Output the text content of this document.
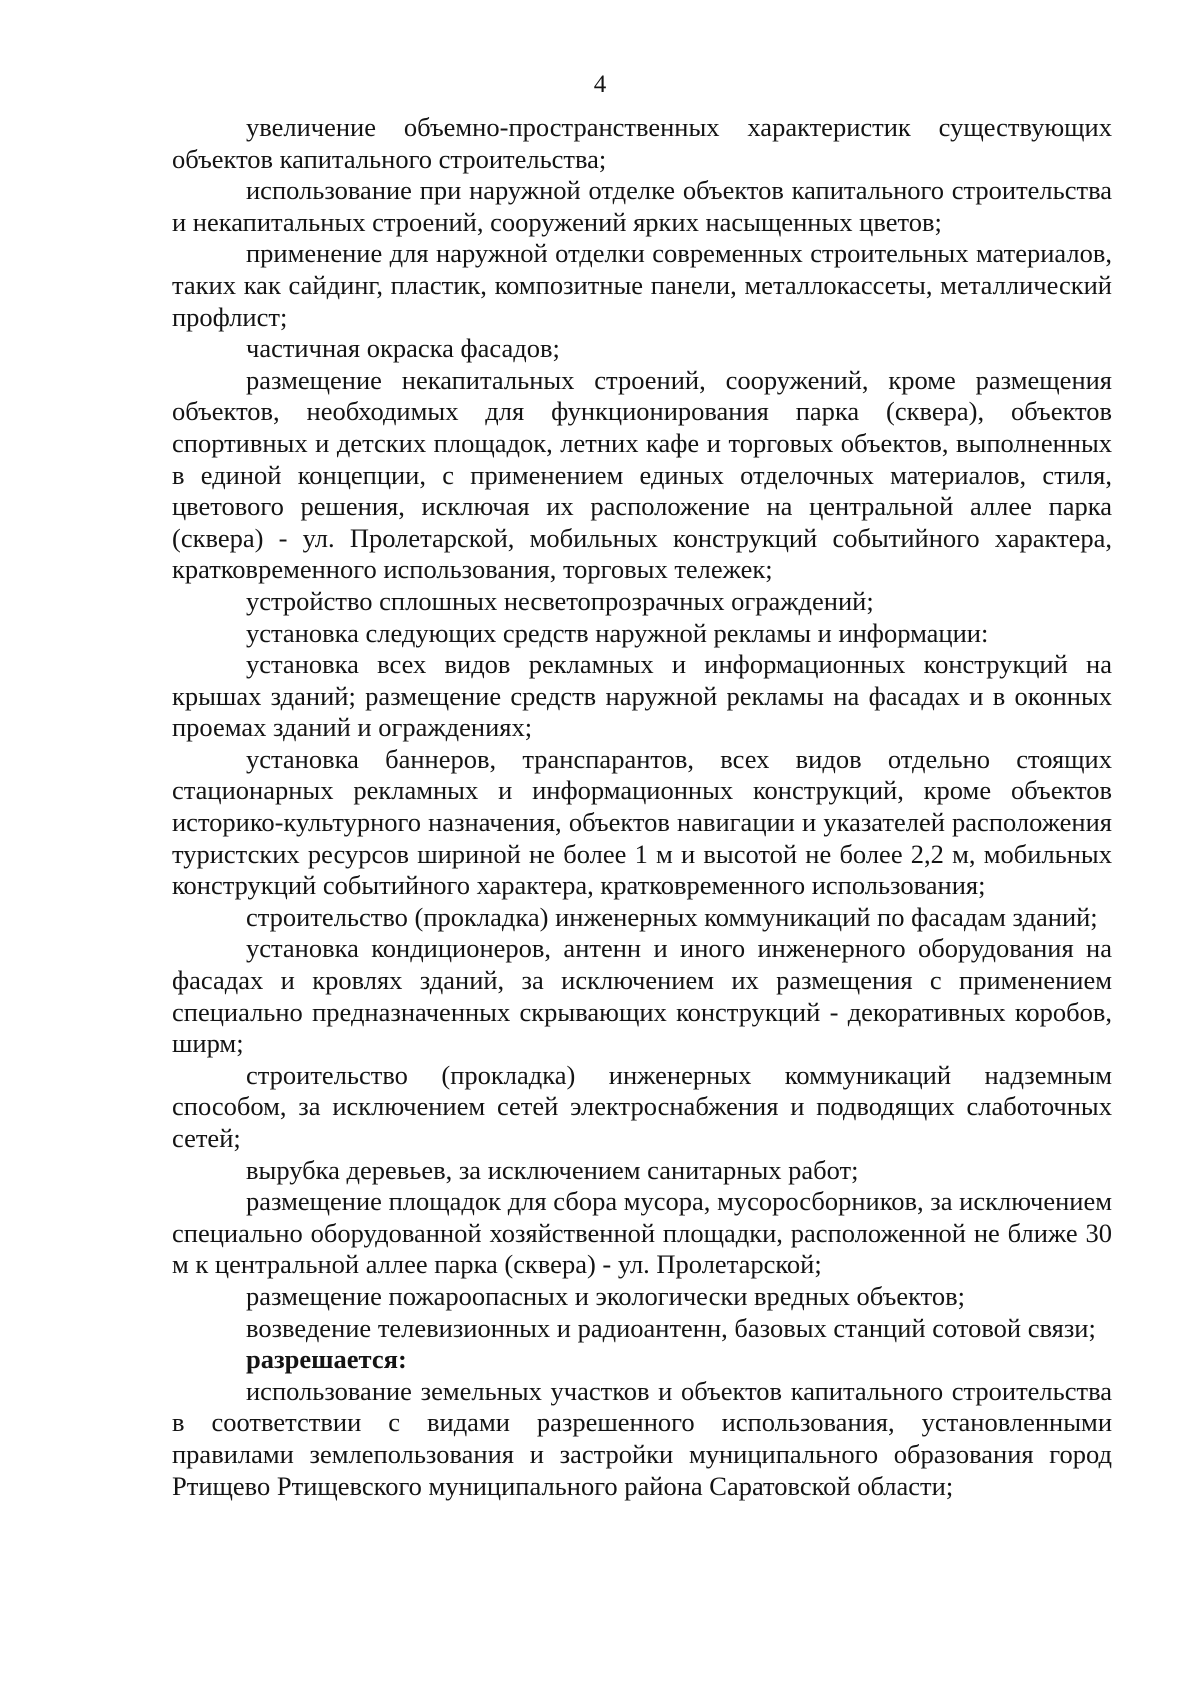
4

увеличение объемно-пространственных характеристик существующих объектов капитального строительства;

использование при наружной отделке объектов капитального строительства и некапитальных строений, сооружений ярких насыщенных цветов;

применение для наружной отделки современных строительных материалов, таких как сайдинг, пластик, композитные панели, металлокассеты, металлический профлист;

частичная окраска фасадов;

размещение некапитальных строений, сооружений, кроме размещения объектов, необходимых для функционирования парка (сквера), объектов спортивных и детских площадок, летних кафе и торговых объектов, выполненных в единой концепции, с применением единых отделочных материалов, стиля, цветового решения, исключая их расположение на центральной аллее парка (сквера) - ул. Пролетарской, мобильных конструкций событийного характера, кратковременного использования, торговых тележек;

устройство сплошных несветопрозрачных ограждений;

установка следующих средств наружной рекламы и информации:

установка всех видов рекламных и информационных конструкций на крышах зданий; размещение средств наружной рекламы на фасадах и в оконных проемах зданий и ограждениях;

установка баннеров, транспарантов, всех видов отдельно стоящих стационарных рекламных и информационных конструкций, кроме объектов историко-культурного назначения, объектов навигации и указателей расположения туристских ресурсов шириной не более 1 м и высотой не более 2,2 м, мобильных конструкций событийного характера, кратковременного использования;

строительство (прокладка) инженерных коммуникаций по фасадам зданий;

установка кондиционеров, антенн и иного инженерного оборудования на фасадах и кровлях зданий, за исключением их размещения с применением специально предназначенных скрывающих конструкций - декоративных коробов, ширм;

строительство (прокладка) инженерных коммуникаций надземным способом, за исключением сетей электроснабжения и подводящих слаботочных сетей;

вырубка деревьев, за исключением санитарных работ;

размещение площадок для сбора мусора, мусоросборников, за исключением специально оборудованной хозяйственной площадки, расположенной не ближе 30 м к центральной аллее парка (сквера) - ул. Пролетарской;

размещение пожароопасных и экологически вредных объектов;

возведение телевизионных и радиоантенн, базовых станций сотовой связи;

разрешается:

использование земельных участков и объектов капитального строительства в соответствии с видами разрешенного использования, установленными правилами землепользования и застройки муниципального образования город Ртищево Ртищевского муниципального района Саратовской области;
